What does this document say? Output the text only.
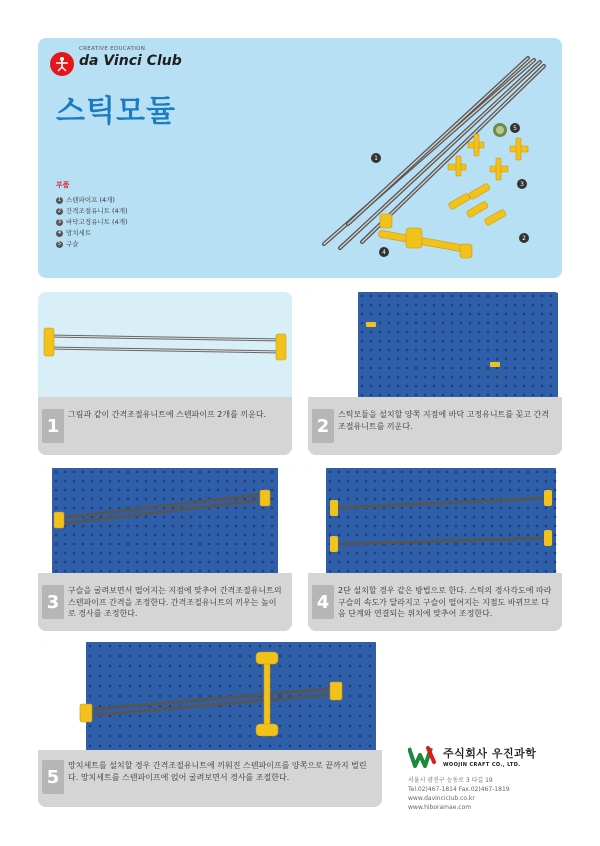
CREATIVE EDUCATION
da Vinci Club
스틱모듈
부품
1 스텐파이프 (4개)
2 간격조절유니트 (4개)
3 바닥고정유니트 (4개)
4 망치세트
5 구슬
1
2
3
4
5
1
그림과 같이 간격조절유니트에 스텐파이프 2개를 끼운다.
2
스틱모듈을 설치할 양쪽 지점에 바닥 고정유니트를 꽂고 간격조절유니트를 끼운다.
3
구슬을 굴려보면서 떨어지는 지점에 맞추어 간격조절유니트의 스텐파이프 간격을 조정한다. 간격조절유니트의 끼우는 높이로 경사를 조정한다.
4
2단 설치할 경우 같은 방법으로 한다. 스틱의 경사각도에 따라 구슬의 속도가 달라지고 구슬이 떨어지는 지점도 바뀌므로 다음 단계와 연결되는 위치에 맞추어 조정한다.
5
망치세트를 설치할 경우 간격조절유니트에 끼워진 스텐파이프를 양쪽으로 끝까지 벌린다. 망치세트를 스텐파이프에 얹어 굴려보면서 경사를 조절한다.
주식회사 우진과학
WOOJIN CRAFT CO., LTD.
서울시 광진구 능동로 3 다길 19
Tel.02)467-1814 Fax.02)467-1819
www.davincicIub.co.kr
www.hiboramae.com
